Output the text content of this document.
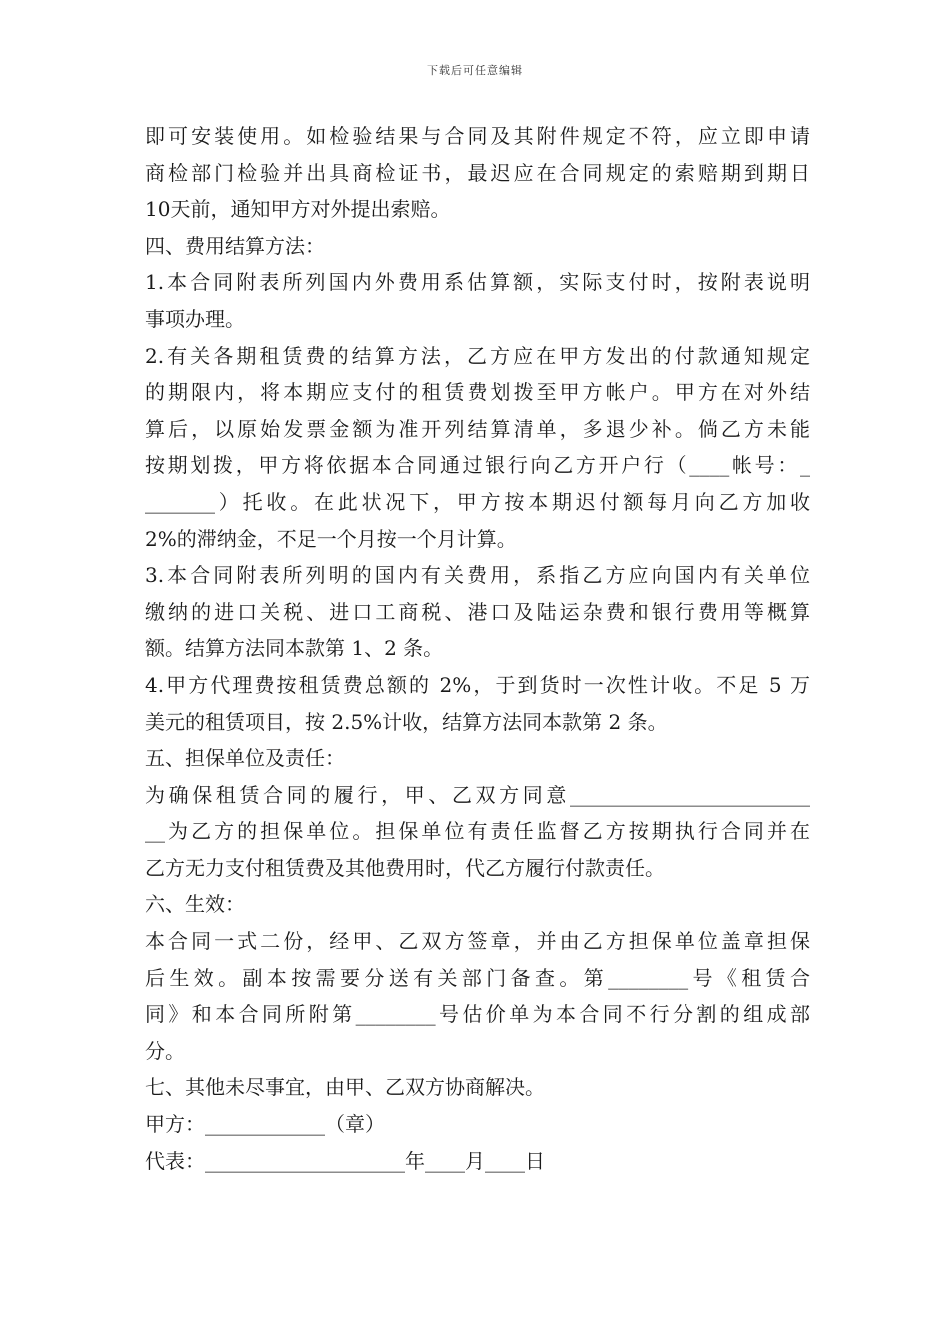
下载后可任意编辑
即可安装使用。如检验结果与合同及其附件规定不符，应立即申请
商检部门检验并出具商检证书，最迟应在合同规定的索赔期到期日
10天前，通知甲方对外提出索赔。
四、费用结算方法：
1.本合同附表所列国内外费用系估算额，实际支付时，按附表说明
事项办理。
2.有关各期租赁费的结算方法，乙方应在甲方发出的付款通知规定
的期限内，将本期应支付的租赁费划拨至甲方帐户。甲方在对外结
算后，以原始发票金额为准开列结算清单，多退少补。倘乙方未能
按期划拨，甲方将依据本合同通过银行向乙方开户行（____帐号：_
_______）托收。在此状况下，甲方按本期迟付额每月向乙方加收
2%的滞纳金，不足一个月按一个月计算。
3.本合同附表所列明的国内有关费用，系指乙方应向国内有关单位
缴纳的进口关税、进口工商税、港口及陆运杂费和银行费用等概算
额。结算方法同本款第 1、2 条。
4.甲方代理费按租赁费总额的 2%，于到货时一次性计收。不足 5 万
美元的租赁项目，按 2.5%计收，结算方法同本款第 2 条。
五、担保单位及责任：
为确保租赁合同的履行，甲、乙双方同意________________________
__为乙方的担保单位。担保单位有责任监督乙方按期执行合同并在
乙方无力支付租赁费及其他费用时，代乙方履行付款责任。
六、生效：
本合同一式二份，经甲、乙双方签章，并由乙方担保单位盖章担保
后生效。副本按需要分送有关部门备查。第________号《租赁合
同》和本合同所附第________号估价单为本合同不行分割的组成部
分。
七、其他未尽事宜，由甲、乙双方协商解决。
甲方：____________（章）
代表：____________________年____月____日
